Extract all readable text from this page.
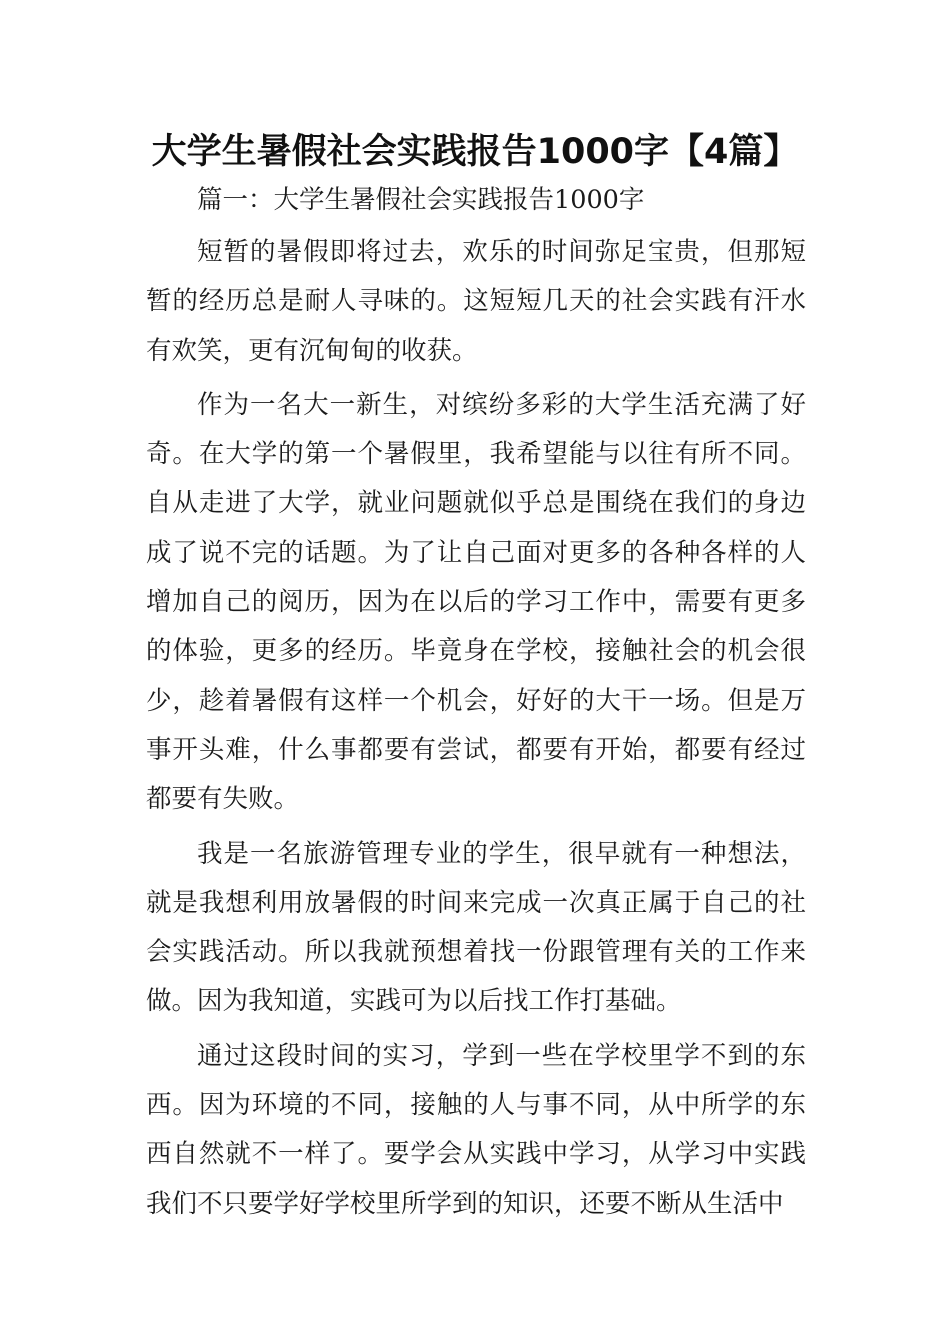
大学生暑假社会实践报告1000字【4篇】

篇一：大学生暑假社会实践报告1000字

短暂的暑假即将过去，欢乐的时间弥足宝贵，但那短暂的经历总是耐人寻味的。这短短几天的社会实践有汗水有欢笑，更有沉甸甸的收获。

作为一名大一新生，对缤纷多彩的大学生活充满了好奇。在大学的第一个暑假里，我希望能与以往有所不同。自从走进了大学，就业问题就似乎总是围绕在我们的身边成了说不完的话题。为了让自己面对更多的各种各样的人增加自己的阅历，因为在以后的学习工作中，需要有更多的体验，更多的经历。毕竟身在学校，接触社会的机会很少，趁着暑假有这样一个机会，好好的大干一场。但是万事开头难，什么事都要有尝试，都要有开始，都要有经过都要有失败。

我是一名旅游管理专业的学生，很早就有一种想法，就是我想利用放暑假的时间来完成一次真正属于自己的社会实践活动。所以我就预想着找一份跟管理有关的工作来做。因为我知道，实践可为以后找工作打基础。

通过这段时间的实习，学到一些在学校里学不到的东西。因为环境的不同，接触的人与事不同，从中所学的东西自然就不一样了。要学会从实践中学习，从学习中实践我们不只要学好学校里所学到的知识，还要不断从生活中
